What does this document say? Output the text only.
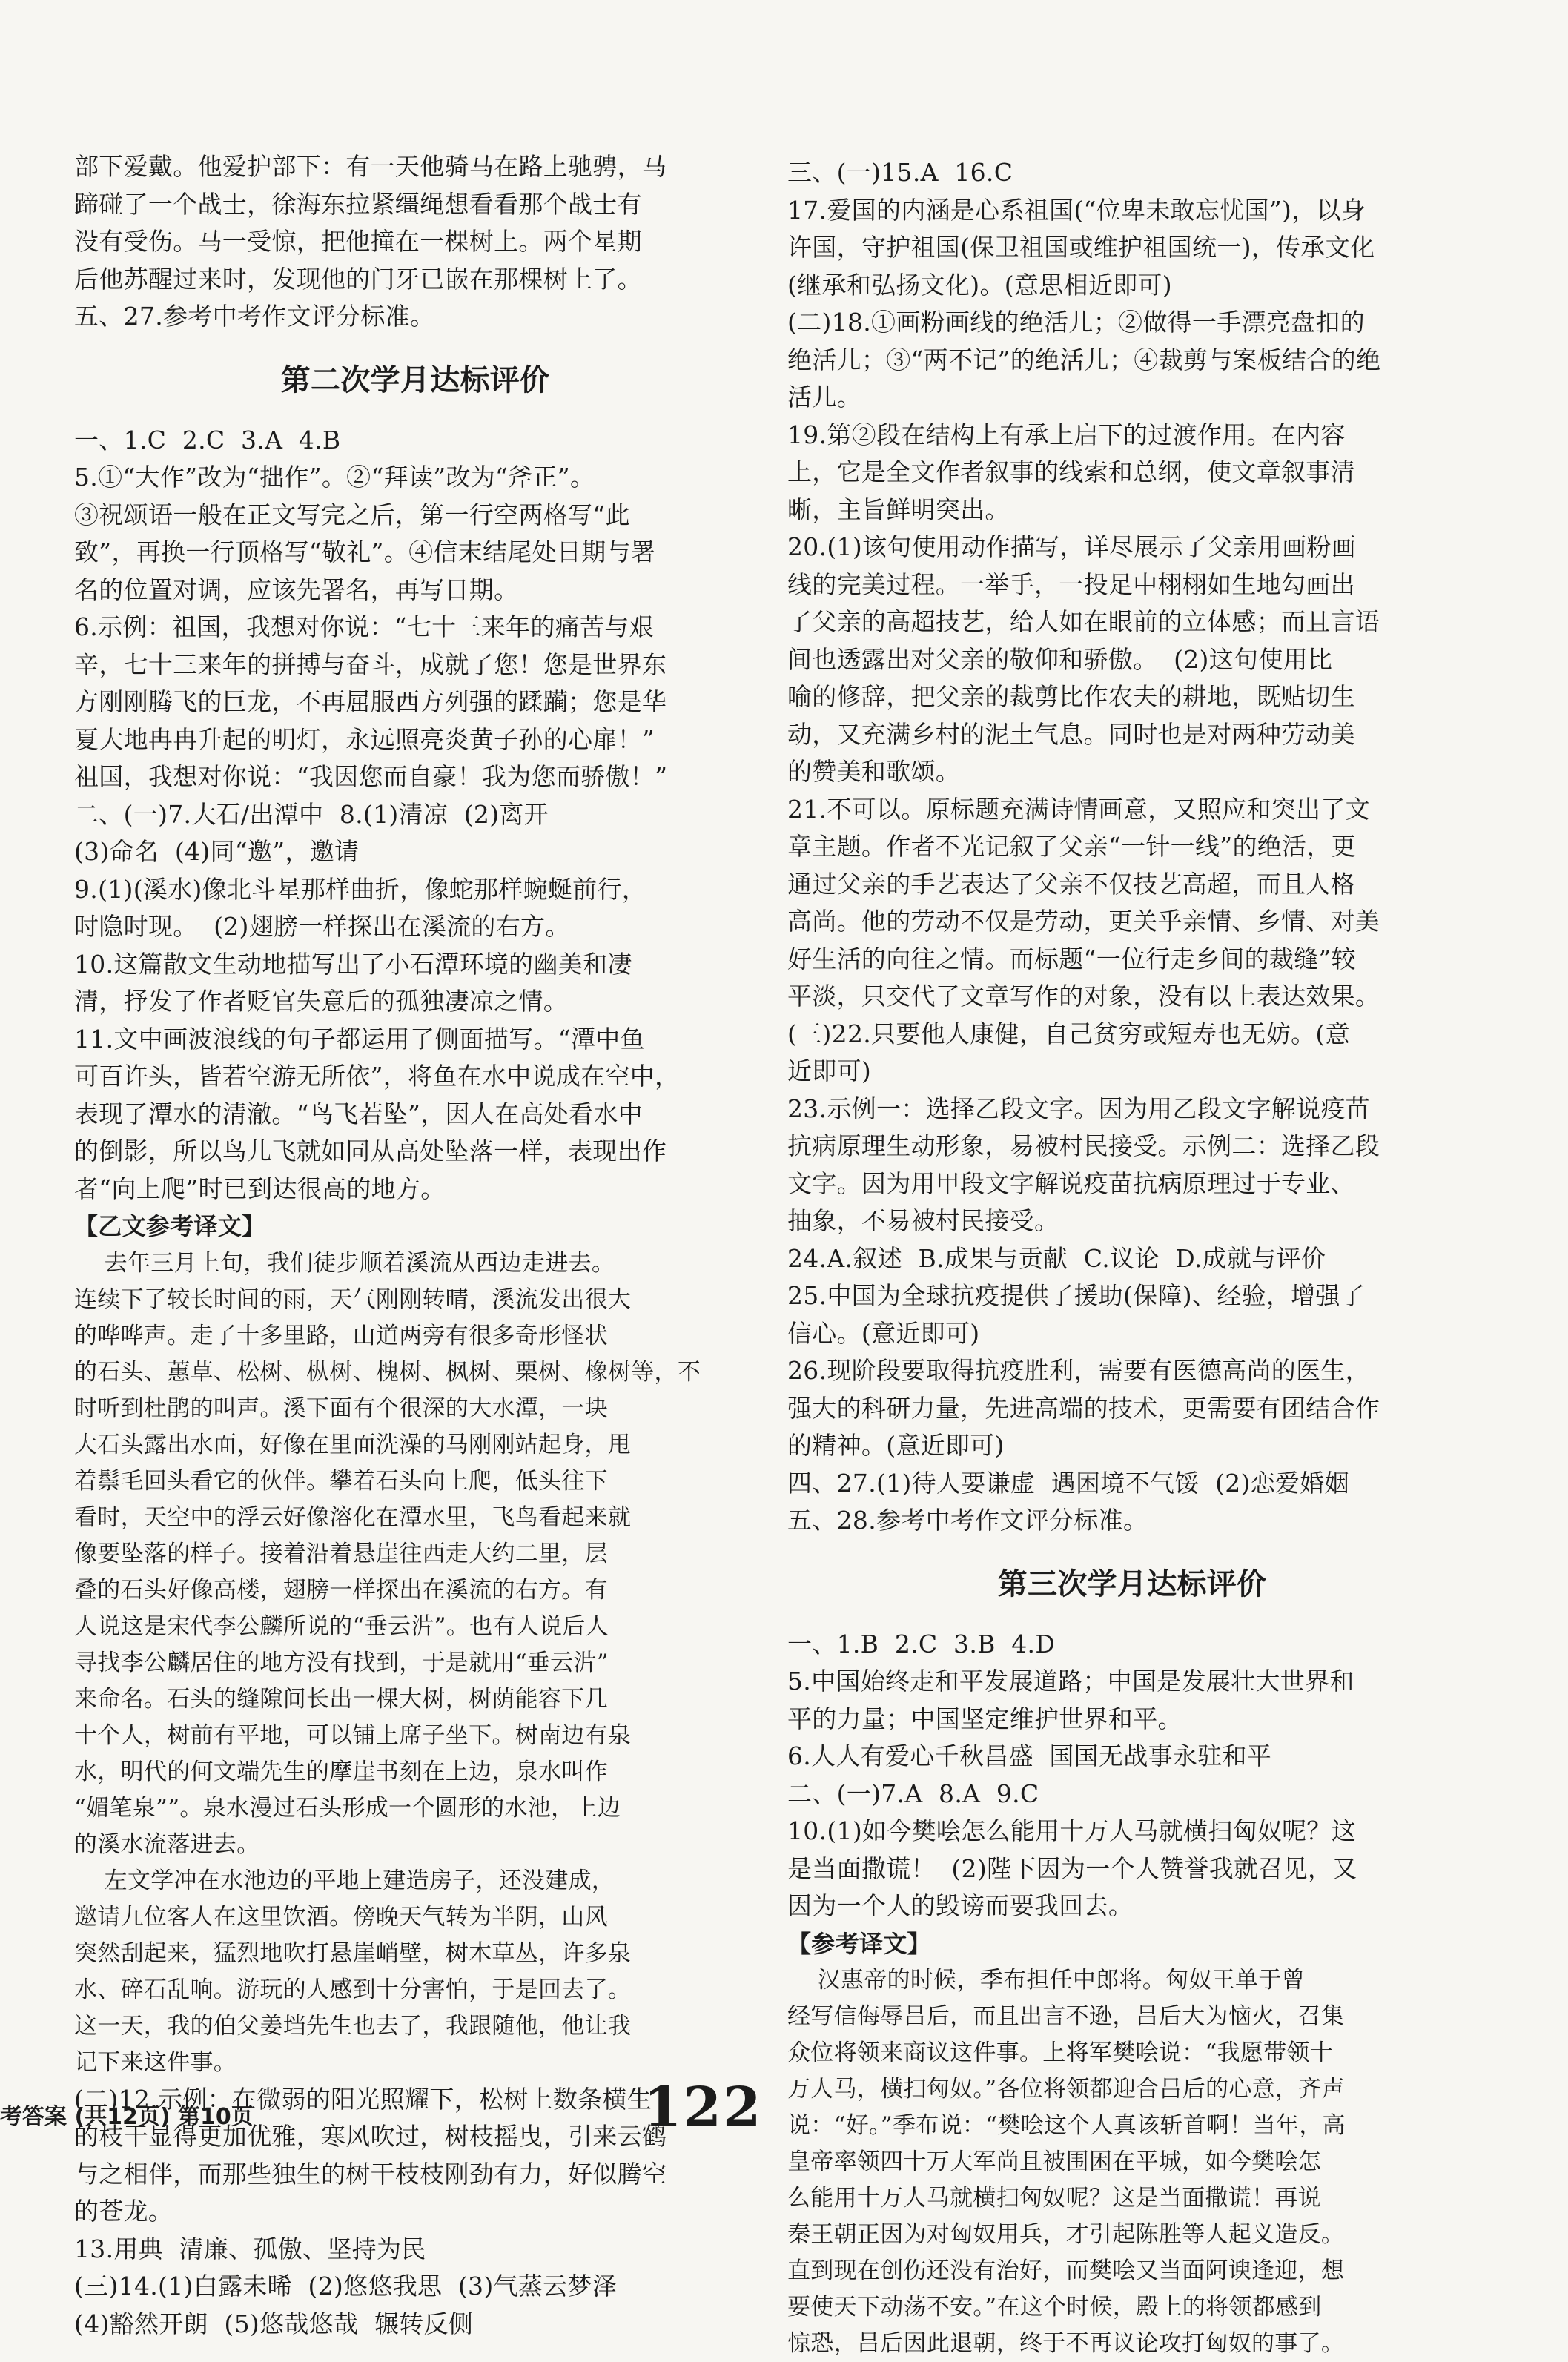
部下爱戴。他爱护部下：有一天他骑马在路上驰骋，马

蹄碰了一个战士，徐海东拉紧缰绳想看看那个战士有

没有受伤。马一受惊，把他撞在一棵树上。两个星期

后他苏醒过来时，发现他的门牙已嵌在那棵树上了。

五、27.参考中考作文评分标准。

第二次学月达标评价

一、1.C  2.C  3.A  4.B

5.①“大作”改为“拙作”。②“拜读”改为“斧正”。

③祝颂语一般在正文写完之后，第一行空两格写“此

致”，再换一行顶格写“敬礼”。④信末结尾处日期与署

名的位置对调，应该先署名，再写日期。

6.示例：祖国，我想对你说：“七十三来年的痛苦与艰

辛，七十三来年的拼搏与奋斗，成就了您！您是世界东

方刚刚腾飞的巨龙，不再屈服西方列强的蹂躏；您是华

夏大地冉冉升起的明灯，永远照亮炎黄子孙的心扉！”

祖国，我想对你说：“我因您而自豪！我为您而骄傲！”

二、(一)7.大石/出潭中  8.(1)清凉  (2)离开

(3)命名  (4)同“邀”，邀请

9.(1)(溪水)像北斗星那样曲折，像蛇那样蜿蜒前行，

时隐时现。  (2)翅膀一样探出在溪流的右方。

10.这篇散文生动地描写出了小石潭环境的幽美和凄

清，抒发了作者贬官失意后的孤独凄凉之情。

11.文中画波浪线的句子都运用了侧面描写。“潭中鱼

可百许头，皆若空游无所依”，将鱼在水中说成在空中，

表现了潭水的清澈。“鸟飞若坠”，因人在高处看水中

的倒影，所以鸟儿飞就如同从高处坠落一样，表现出作

者“向上爬”时已到达很高的地方。

【乙文参考译文】

去年三月上旬，我们徒步顺着溪流从西边走进去。

连续下了较长时间的雨，天气刚刚转晴，溪流发出很大

的哗哗声。走了十多里路，山道两旁有很多奇形怪状

的石头、蕙草、松树、枞树、槐树、枫树、栗树、橡树等，不

时听到杜鹃的叫声。溪下面有个很深的大水潭，一块

大石头露出水面，好像在里面洗澡的马刚刚站起身，甩

着鬃毛回头看它的伙伴。攀着石头向上爬，低头往下

看时，天空中的浮云好像溶化在潭水里，飞鸟看起来就

像要坠落的样子。接着沿着悬崖往西走大约二里，层

叠的石头好像高楼，翅膀一样探出在溪流的右方。有

人说这是宋代李公麟所说的“垂云沜”。也有人说后人

寻找李公麟居住的地方没有找到，于是就用“垂云沜”

来命名。石头的缝隙间长出一棵大树，树荫能容下几

十个人，树前有平地，可以铺上席子坐下。树南边有泉

水，明代的何文端先生的摩崖书刻在上边，泉水叫作

“媚笔泉””。泉水漫过石头形成一个圆形的水池，上边

的溪水流落进去。

左文学冲在水池边的平地上建造房子，还没建成，

邀请九位客人在这里饮酒。傍晚天气转为半阴，山风

突然刮起来，猛烈地吹打悬崖峭壁，树木草丛，许多泉

水、碎石乱响。游玩的人感到十分害怕，于是回去了。

这一天，我的伯父姜垱先生也去了，我跟随他，他让我

记下来这件事。

(二)12.示例：在微弱的阳光照耀下，松树上数条横生

的枝干显得更加优雅，寒风吹过，树枝摇曳，引来云鹤

与之相伴，而那些独生的树干枝枝刚劲有力，好似腾空

的苍龙。

13.用典  清廉、孤傲、坚持为民

(三)14.(1)白露未晞  (2)悠悠我思  (3)气蒸云梦泽

(4)豁然开朗  (5)悠哉悠哉  辗转反侧

三、(一)15.A  16.C

17.爱国的内涵是心系祖国(“位卑未敢忘忧国”)，以身

许国，守护祖国(保卫祖国或维护祖国统一)，传承文化

(继承和弘扬文化)。(意思相近即可)

(二)18.①画粉画线的绝活儿；②做得一手漂亮盘扣的

绝活儿；③“两不记”的绝活儿；④裁剪与案板结合的绝

活儿。

19.第②段在结构上有承上启下的过渡作用。在内容

上，它是全文作者叙事的线索和总纲，使文章叙事清

晰，主旨鲜明突出。

20.(1)该句使用动作描写，详尽展示了父亲用画粉画

线的完美过程。一举手，一投足中栩栩如生地勾画出

了父亲的高超技艺，给人如在眼前的立体感；而且言语

间也透露出对父亲的敬仰和骄傲。  (2)这句使用比

喻的修辞，把父亲的裁剪比作农夫的耕地，既贴切生

动，又充满乡村的泥土气息。同时也是对两种劳动美

的赞美和歌颂。

21.不可以。原标题充满诗情画意，又照应和突出了文

章主题。作者不光记叙了父亲“一针一线”的绝活，更

通过父亲的手艺表达了父亲不仅技艺高超，而且人格

高尚。他的劳动不仅是劳动，更关乎亲情、乡情、对美

好生活的向往之情。而标题“一位行走乡间的裁缝”较

平淡，只交代了文章写作的对象，没有以上表达效果。

(三)22.只要他人康健，自己贫穷或短寿也无妨。(意

近即可)

23.示例一：选择乙段文字。因为用乙段文字解说疫苗

抗病原理生动形象，易被村民接受。示例二：选择乙段

文字。因为用甲段文字解说疫苗抗病原理过于专业、

抽象，不易被村民接受。

24.A.叙述  B.成果与贡献  C.议论  D.成就与评价

25.中国为全球抗疫提供了援助(保障)、经验，增强了

信心。(意近即可)

26.现阶段要取得抗疫胜利，需要有医德高尚的医生，

强大的科研力量，先进高端的技术，更需要有团结合作

的精神。(意近即可)

四、27.(1)待人要谦虚  遇困境不气馁  (2)恋爱婚姻

五、28.参考中考作文评分标准。

第三次学月达标评价

一、1.B  2.C  3.B  4.D

5.中国始终走和平发展道路；中国是发展壮大世界和

平的力量；中国坚定维护世界和平。

6.人人有爱心千秋昌盛  国国无战事永驻和平

二、(一)7.A  8.A  9.C

10.(1)如今樊哙怎么能用十万人马就横扫匈奴呢？这

是当面撒谎！  (2)陛下因为一个人赞誉我就召见，又

因为一个人的毁谤而要我回去。

【参考译文】

汉惠帝的时候，季布担任中郎将。匈奴王单于曾

经写信侮辱吕后，而且出言不逊，吕后大为恼火，召集

众位将领来商议这件事。上将军樊哙说：“我愿带领十

万人马，横扫匈奴。”各位将领都迎合吕后的心意，齐声

说：“好。”季布说：“樊哙这个人真该斩首啊！当年，高

皇帝率领四十万大军尚且被围困在平城，如今樊哙怎

么能用十万人马就横扫匈奴呢？这是当面撒谎！再说

秦王朝正因为对匈奴用兵，才引起陈胜等人起义造反。

直到现在创伤还没有治好，而樊哙又当面阿谀逢迎，想

要使天下动荡不安。”在这个时候，殿上的将领都感到

惊恐，吕后因此退朝，终于不再议论攻打匈奴的事了。

考答案 (共12页) 第10页	122
